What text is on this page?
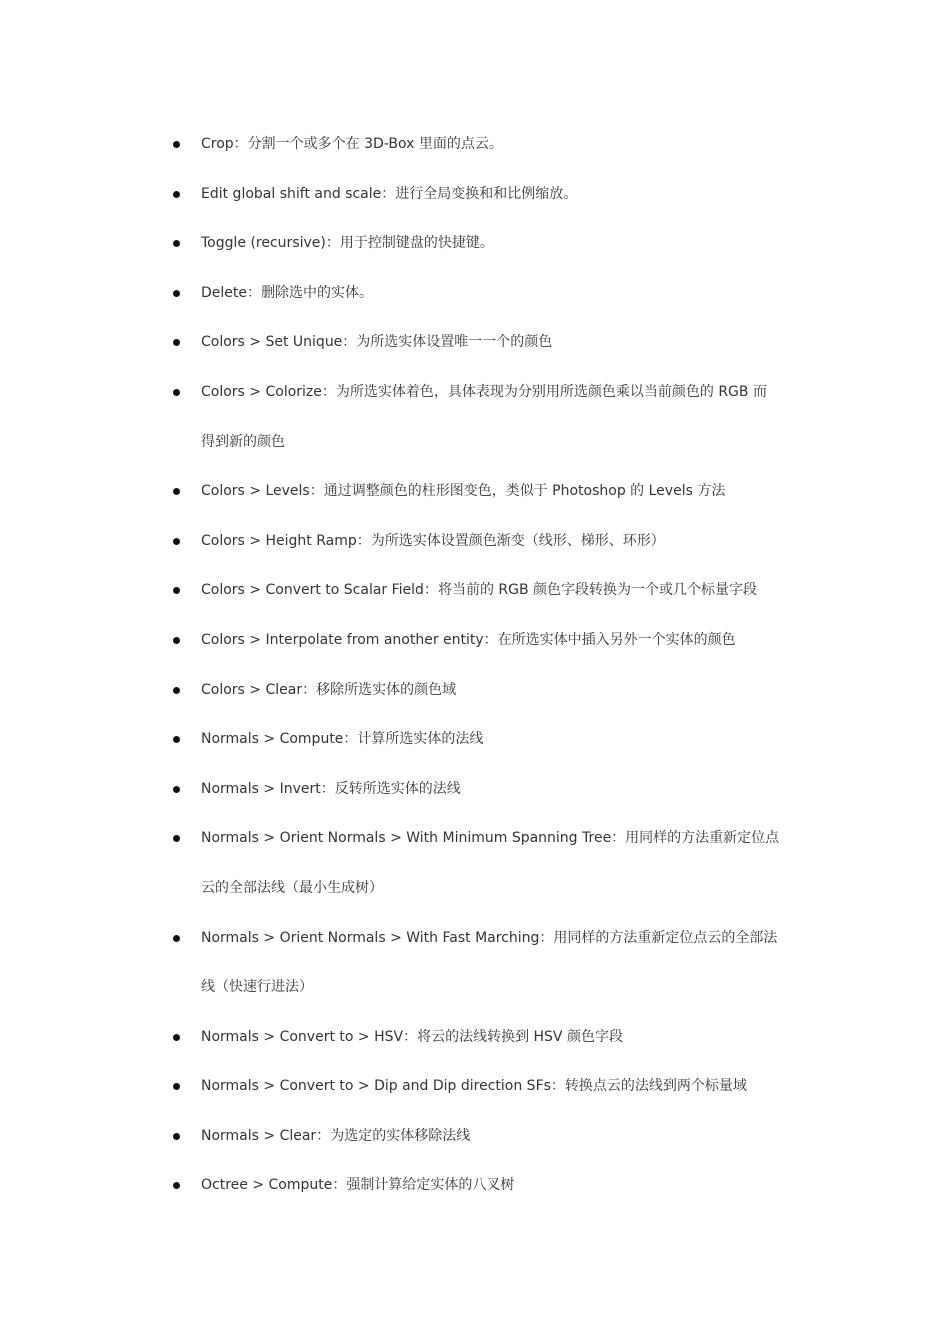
Crop：分割一个或多个在 3D-Box 里面的点云。
Edit global shift and scale：进行全局变换和和比例缩放。
Toggle (recursive)：用于控制键盘的快捷键。
Delete：删除选中的实体。
Colors > Set Unique：为所选实体设置唯一一个的颜色
Colors > Colorize：为所选实体着色，具体表现为分别用所选颜色乘以当前颜色的 RGB 而
得到新的颜色
Colors > Levels：通过调整颜色的柱形图变色，类似于 Photoshop 的 Levels 方法
Colors > Height Ramp：为所选实体设置颜色渐变（线形、梯形、环形）
Colors > Convert to Scalar Field：将当前的 RGB 颜色字段转换为一个或几个标量字段
Colors > Interpolate from another entity：在所选实体中插入另外一个实体的颜色
Colors > Clear：移除所选实体的颜色域
Normals > Compute：计算所选实体的法线
Normals > Invert：反转所选实体的法线
Normals > Orient Normals > With Minimum Spanning Tree：用同样的方法重新定位点
云的全部法线（最小生成树）
Normals > Orient Normals > With Fast Marching：用同样的方法重新定位点云的全部法
线（快速行进法）
Normals > Convert to > HSV：将云的法线转换到 HSV 颜色字段
Normals > Convert to > Dip and Dip direction SFs：转换点云的法线到两个标量域
Normals > Clear：为选定的实体移除法线
Octree > Compute：强制计算给定实体的八叉树
